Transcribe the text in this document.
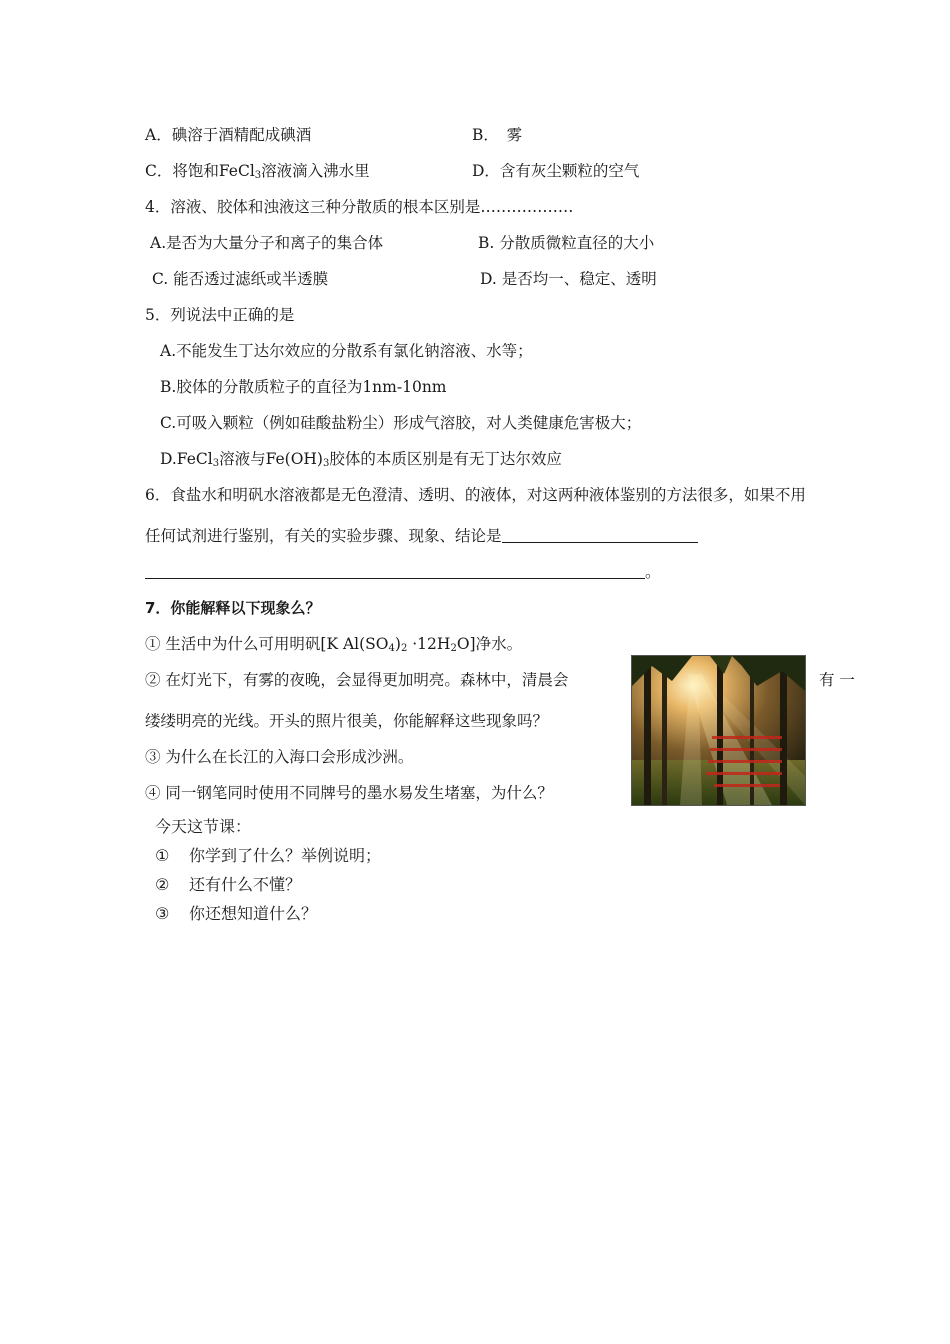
A．碘溶于酒精配成碘酒	B．　雾
C．将饱和FeCl$_3$溶液滴入沸水里	D．含有灰尘颗粒的空气
4．溶液、胶体和浊液这三种分散质的根本区别是………………
A.是否为大量分子和离子的集合体	B. 分散质微粒直径的大小
C. 能否透过滤纸或半透膜	D. 是否均一、稳定、透明
5．列说法中正确的是
A.不能发生丁达尔效应的分散系有氯化钠溶液、水等；
B.胶体的分散质粒子的直径为1nm-10nm
C.可吸入颗粒（例如硅酸盐粉尘）形成气溶胶，对人类健康危害极大；
D.FeCl$_3$溶液与$Fe(OH)_3$胶体的本质区别是有无丁达尔效应
6．食盐水和明矾水溶液都是无色澄清、透明、的液体，对这两种液体鉴别的方法很多，如果不用
任何试剂进行鉴别，有关的实验步骤、现象、结论是
。
7．你能解释以下现象么？
① 生活中为什么可用明矾[K $Al(SO_4)_2 \cdot 12H_2O$]净水。
② 在灯光下，有雾的夜晚，会显得更加明亮。森林中，清晨会	有 一
缕缕明亮的光线。开头的照片很美，你能解释这些现象吗？
③ 为什么在长江的入海口会形成沙洲。
④ 同一钢笔同时使用不同牌号的墨水易发生堵塞，为什么？
今天这节课：
① 你学到了什么？举例说明；
② 还有什么不懂？
③ 你还想知道什么？
